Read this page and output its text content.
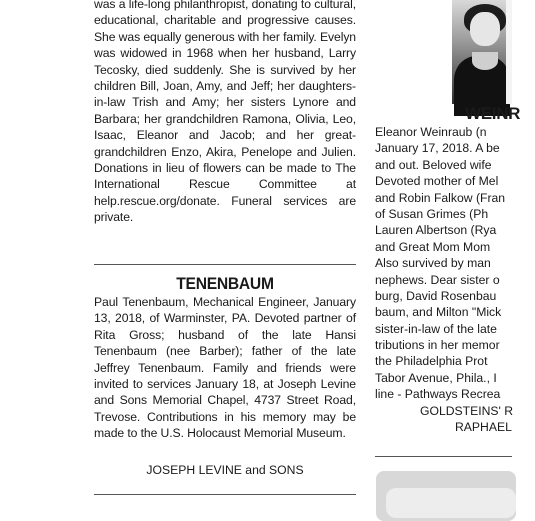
was a life-long philanthropist, donating to cultural, educational, charitable and progressive causes. She was equally generous with her family. Evelyn was widowed in 1968 when her husband, Larry Tecosky, died suddenly. She is survived by her children Bill, Joan, Amy, and Jeff; her daughters-in-law Trish and Amy; her sisters Lynore and Barbara; her grandchildren Ramona, Olivia, Leo, Isaac, Eleanor and Jacob; and her great-grandchildren Enzo, Akira, Penelope and Julien. Donations in lieu of flowers can be made to The International Rescue Committee at help.rescue.org/donate. Funeral services are private.
TENENBAUM
Paul Tenenbaum, Mechanical Engineer, January 13, 2018, of Warminster, PA. Devoted partner of Rita Gross; husband of the late Hansi Tenenbaum (nee Barber); father of the late Jeffrey Tenenbaum. Family and friends were invited to services January 18, at Joseph Levine and Sons Memorial Chapel, 4737 Street Road, Trevose. Contributions in his memory may be made to the U.S. Holocaust Memorial Museum.
JOSEPH LEVINE and SONS
WEINR
Eleanor Weinraub (n
January 17, 2018. A be
and out. Beloved wife
Devoted mother of Mel
and Robin Falkow (Fran
of Susan Grimes (Ph
Lauren Albertson (Rya
and Great Mom Mom
Also survived by man
nephews. Dear sister o
burg, David Rosenbau
baum, and Milton "Mick
sister-in-law of the late
tributions in her memor
the Philadelphia Prot
Tabor Avenue, Phila., I
line - Pathways Recrea
GOLDSTEINS' R
RAPHAEL
